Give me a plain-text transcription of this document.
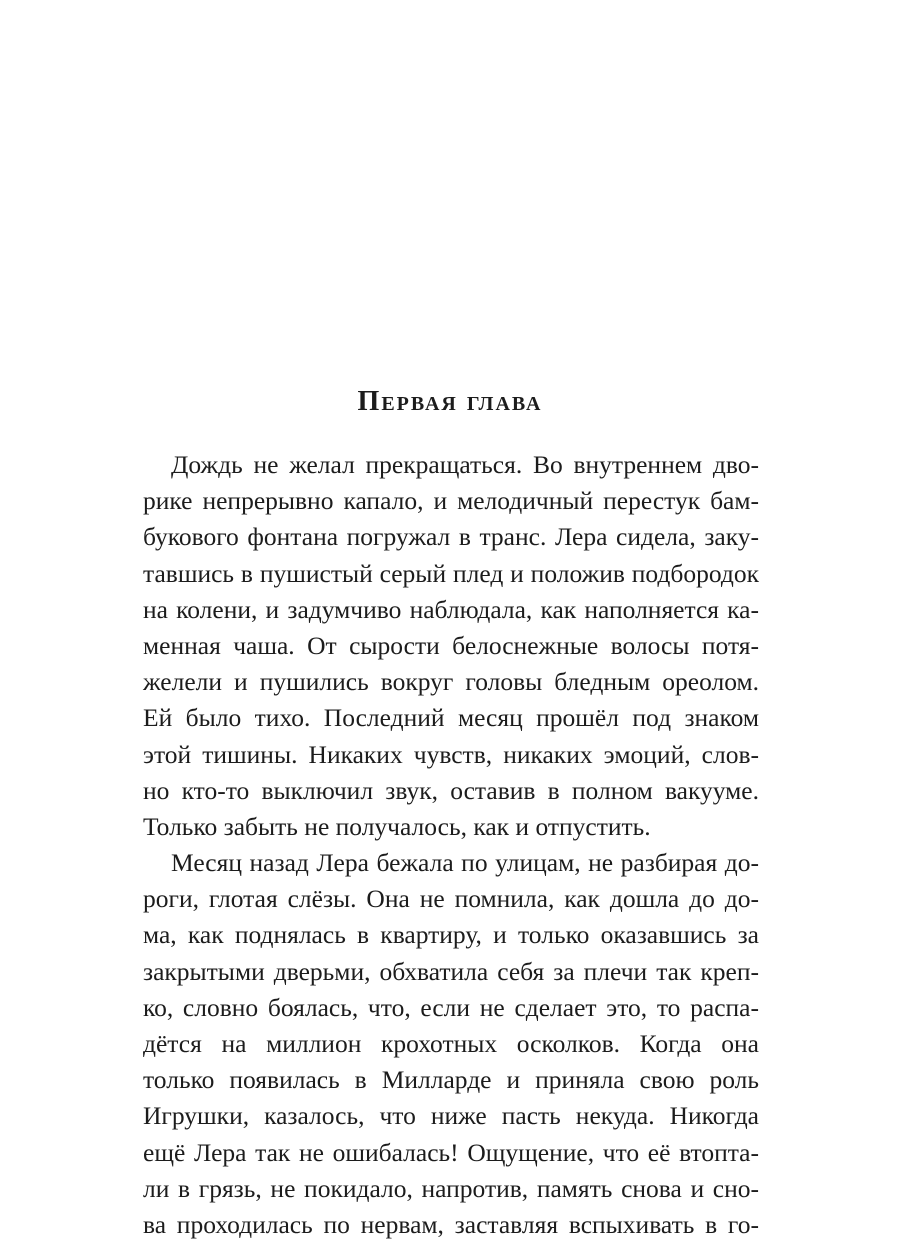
Первая глава
Дождь не желал прекращаться. Во внутреннем дво-
рике непрерывно капало, и мелодичный перестук бам-
букового фонтана погружал в транс. Лера сидела, заку-
тавшись в пушистый серый плед и положив подбородок
на колени, и задумчиво наблюдала, как наполняется ка-
менная чаша. От сырости белоснежные волосы потя-
желели и пушились вокруг головы бледным ореолом.
Ей было тихо. Последний месяц прошёл под знаком
этой тишины. Никаких чувств, никаких эмоций, слов-
но кто-то выключил звук, оставив в полном вакууме.
Только забыть не получалось, как и отпустить.
Месяц назад Лера бежала по улицам, не разбирая до-
роги, глотая слёзы. Она не помнила, как дошла до до-
ма, как поднялась в квартиру, и только оказавшись за
закрытыми дверьми, обхватила себя за плечи так креп-
ко, словно боялась, что, если не сделает это, то распа-
дётся на миллион крохотных осколков. Когда она
только появилась в Милларде и приняла свою роль
Игрушки, казалось, что ниже пасть некуда. Никогда
ещё Лера так не ошибалась! Ощущение, что её втопта-
ли в грязь, не покидало, напротив, память снова и сно-
ва проходилась по нервам, заставляя вспыхивать в го-
